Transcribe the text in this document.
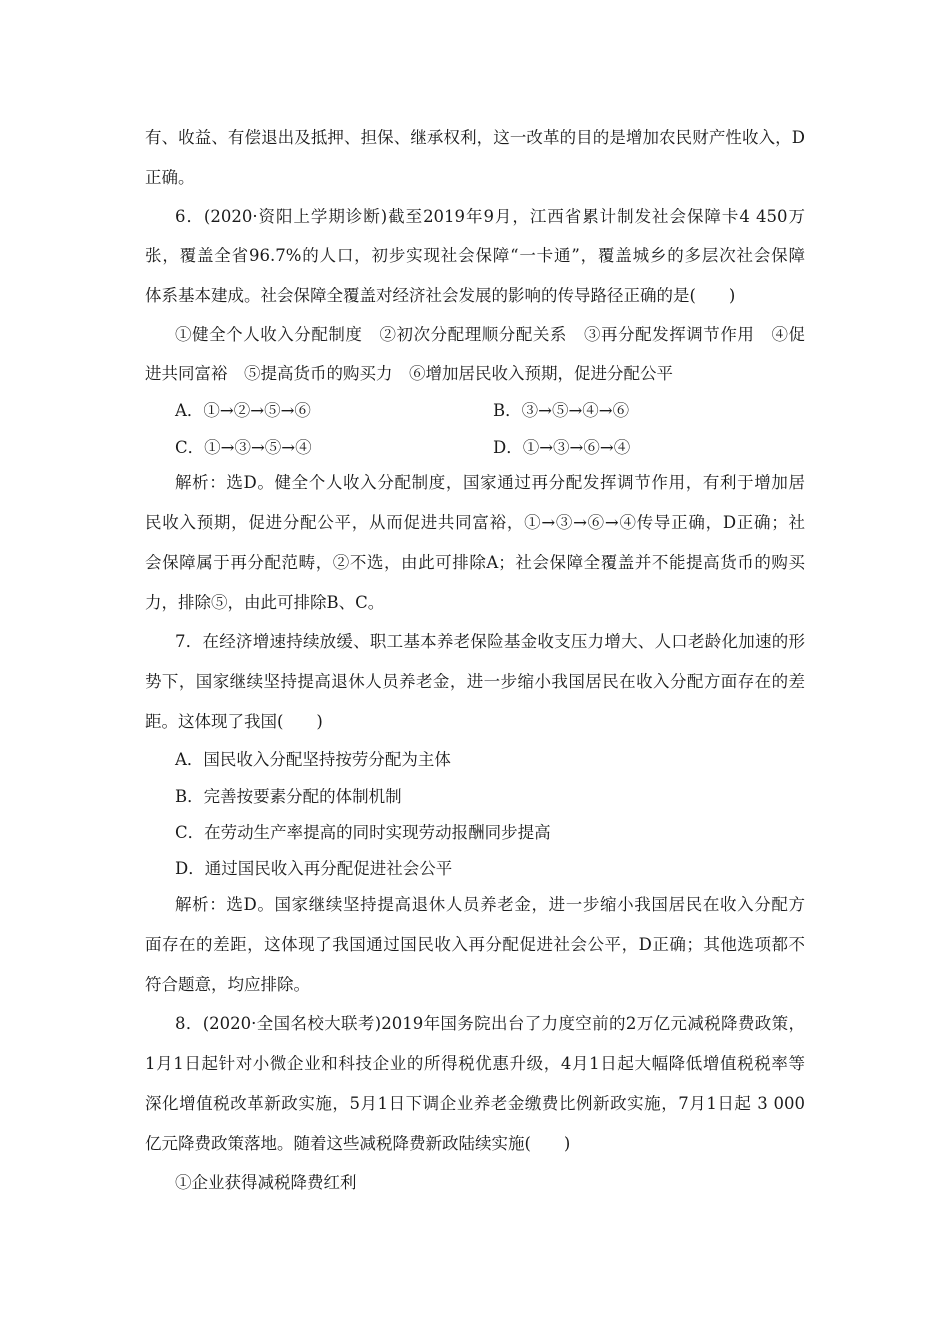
有、收益、有偿退出及抵押、担保、继承权利，这一改革的目的是增加农民财产性收入，D
正确。
6．(2020·资阳上学期诊断)截至2019年9月，江西省累计制发社会保障卡4 450万
张，覆盖全省96.7%的人口，初步实现社会保障“一卡通”，覆盖城乡的多层次社会保障
体系基本建成。社会保障全覆盖对经济社会发展的影响的传导路径正确的是(　　)
①健全个人收入分配制度　②初次分配理顺分配关系　③再分配发挥调节作用　④促
进共同富裕　⑤提高货币的购买力　⑥增加居民收入预期，促进分配公平
A．①→②→⑤→⑥	B．③→⑤→④→⑥
C．①→③→⑤→④	D．①→③→⑥→④
解析：选D。健全个人收入分配制度，国家通过再分配发挥调节作用，有利于增加居
民收入预期，促进分配公平，从而促进共同富裕，①→③→⑥→④传导正确，D正确；社
会保障属于再分配范畴，②不选，由此可排除A；社会保障全覆盖并不能提高货币的购买
力，排除⑤，由此可排除B、C。
7．在经济增速持续放缓、职工基本养老保险基金收支压力增大、人口老龄化加速的形
势下，国家继续坚持提高退休人员养老金，进一步缩小我国居民在收入分配方面存在的差
距。这体现了我国(　　)
A．国民收入分配坚持按劳分配为主体
B．完善按要素分配的体制机制
C．在劳动生产率提高的同时实现劳动报酬同步提高
D．通过国民收入再分配促进社会公平
解析：选D。国家继续坚持提高退休人员养老金，进一步缩小我国居民在收入分配方
面存在的差距，这体现了我国通过国民收入再分配促进社会公平，D正确；其他选项都不
符合题意，均应排除。
8．(2020·全国名校大联考)2019年国务院出台了力度空前的2万亿元减税降费政策，
1月1日起针对小微企业和科技企业的所得税优惠升级，4月1日起大幅降低增值税税率等
深化增值税改革新政实施，5月1日下调企业养老金缴费比例新政实施，7月1日起 3 000
亿元降费政策落地。随着这些减税降费新政陆续实施(　　)
①企业获得减税降费红利
